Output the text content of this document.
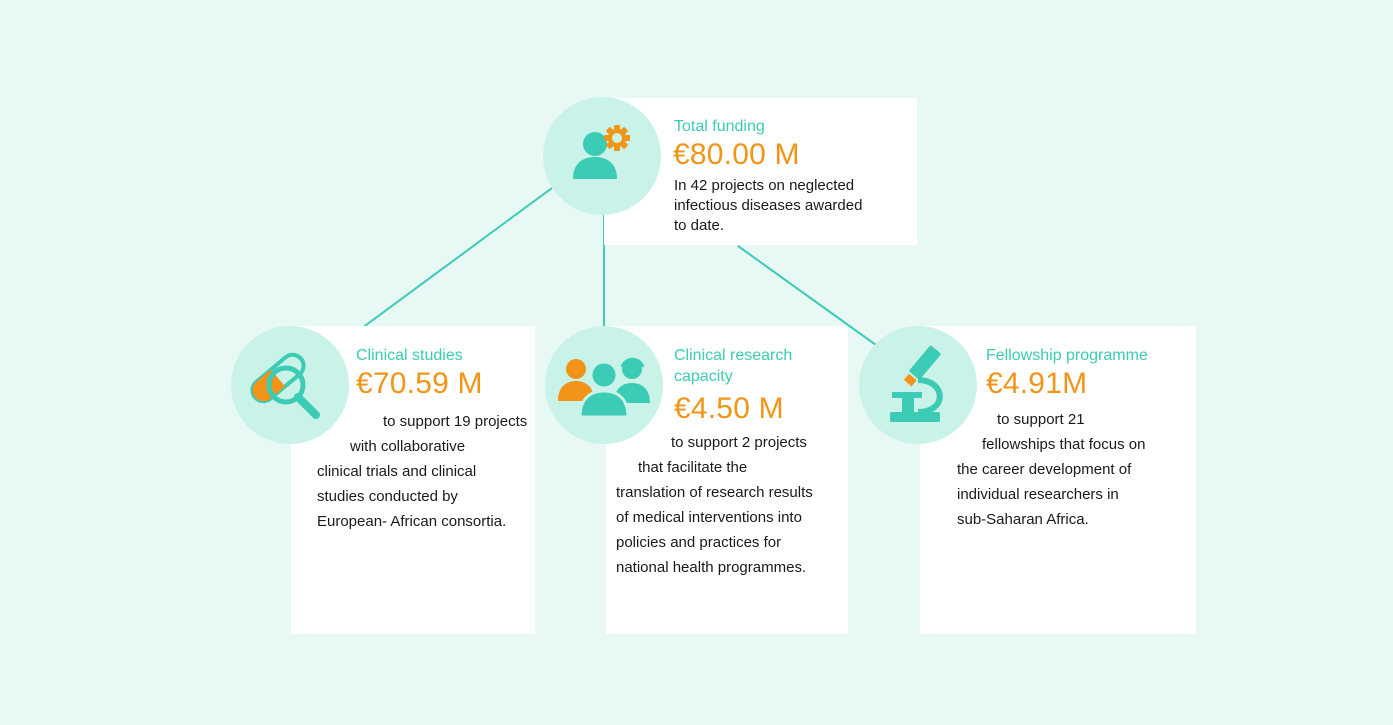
Total funding
€80.00 M
In 42 projects on neglected
infectious diseases awarded
to date.
Clinical studies
€70.59 M
to support 19 projects
with collaborative
clinical trials and clinical
studies conducted by
European- African consortia.
Clinical research
capacity
€4.50 M
to support 2 projects
that facilitate the
translation of research results
of medical interventions into
policies and practices for
national health programmes.
Fellowship programme
€4.91M
to support 21
fellowships that focus on
the career development of
individual researchers in
sub-Saharan Africa.
